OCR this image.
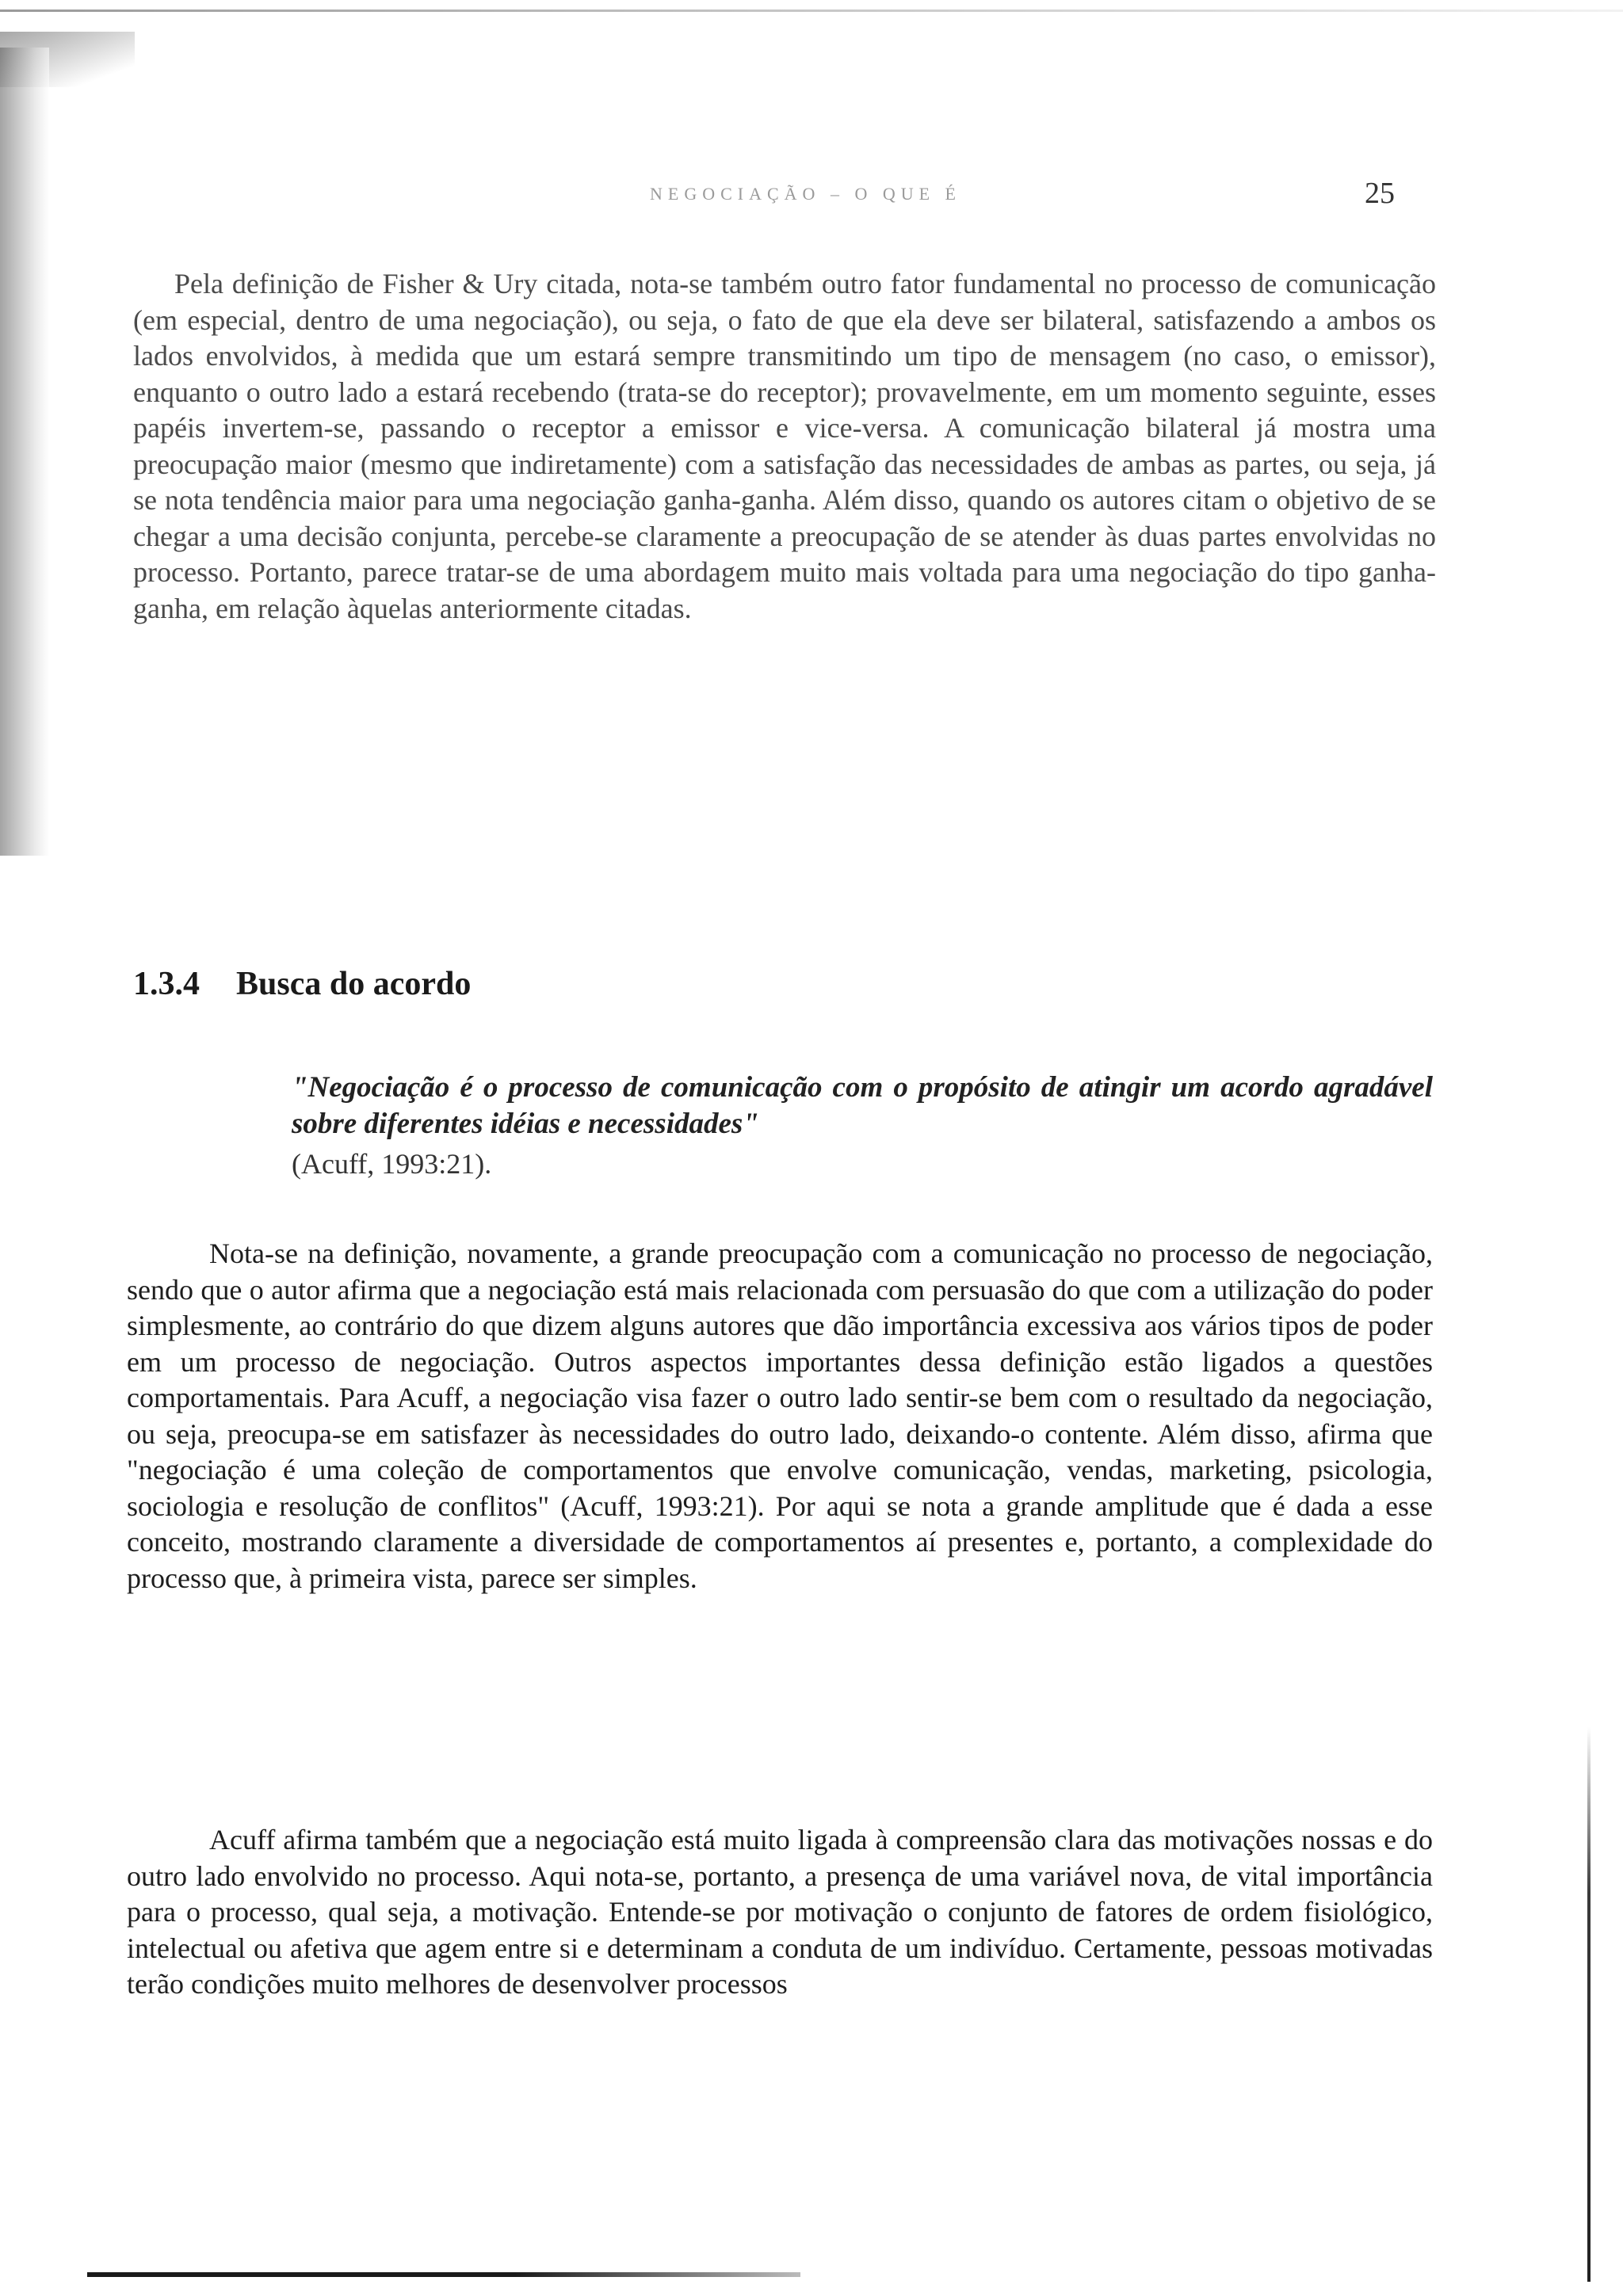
NEGOCIAÇÃO – O QUE É	25

Pela definição de Fisher & Ury citada, nota-se também outro fator fundamental no processo de comunicação (em especial, dentro de uma negociação), ou seja, o fato de que ela deve ser bilateral, satisfazendo a ambos os lados envolvidos, à medida que um estará sempre transmitindo um tipo de mensagem (no caso, o emissor), enquanto o outro lado a estará recebendo (trata-se do receptor); provavelmente, em um momento seguinte, esses papéis invertem-se, passando o receptor a emissor e vice-versa. A comunicação bilateral já mostra uma preocupação maior (mesmo que indiretamente) com a satisfação das necessidades de ambas as partes, ou seja, já se nota tendência maior para uma negociação ganha-ganha. Além disso, quando os autores citam o objetivo de se chegar a uma decisão conjunta, percebe-se claramente a preocupação de se atender às duas partes envolvidas no processo. Portanto, parece tratar-se de uma abordagem muito mais voltada para uma negociação do tipo ganha-ganha, em relação àquelas anteriormente citadas.

1.3.4 Busca do acordo

"Negociação é o processo de comunicação com o propósito de atingir um acordo agradável sobre diferentes idéias e necessidades"

(Acuff, 1993:21).

Nota-se na definição, novamente, a grande preocupação com a comunicação no processo de negociação, sendo que o autor afirma que a negociação está mais relacionada com persuasão do que com a utilização do poder simplesmente, ao contrário do que dizem alguns autores que dão importância excessiva aos vários tipos de poder em um processo de negociação. Outros aspectos importantes dessa definição estão ligados a questões comportamentais. Para Acuff, a negociação visa fazer o outro lado sentir-se bem com o resultado da negociação, ou seja, preocupa-se em satisfazer às necessidades do outro lado, deixando-o contente. Além disso, afirma que "negociação é uma coleção de comportamentos que envolve comunicação, vendas, marketing, psicologia, sociologia e resolução de conflitos" (Acuff, 1993:21). Por aqui se nota a grande amplitude que é dada a esse conceito, mostrando claramente a diversidade de comportamentos aí presentes e, portanto, a complexidade do processo que, à primeira vista, parece ser simples.

Acuff afirma também que a negociação está muito ligada à compreensão clara das motivações nossas e do outro lado envolvido no processo. Aqui nota-se, portanto, a presença de uma variável nova, de vital importância para o processo, qual seja, a motivação. Entende-se por motivação o conjunto de fatores de ordem fisiológico, intelectual ou afetiva que agem entre si e determinam a conduta de um indivíduo. Certamente, pessoas motivadas terão condições muito melhores de desenvolver processos
